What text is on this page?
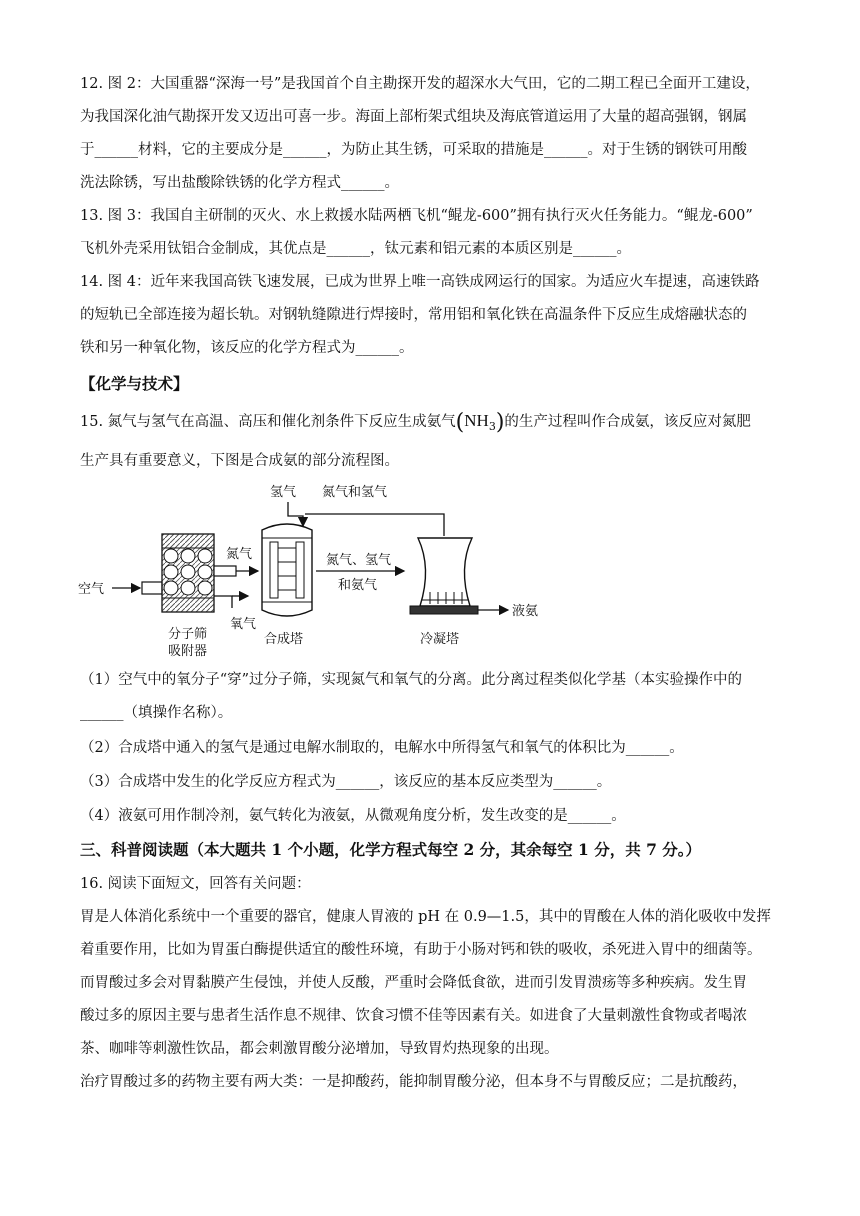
12. 图 2：大国重器“深海一号”是我国首个自主勘探开发的超深水大气田，它的二期工程已全面开工建设，
为我国深化油气勘探开发又迈出可喜一步。海面上部桁架式组块及海底管道运用了大量的超高强钢，钢属
于______材料，它的主要成分是______，为防止其生锈，可采取的措施是______。对于生锈的钢铁可用酸
洗法除锈，写出盐酸除铁锈的化学方程式______。
13. 图 3：我国自主研制的灭火、水上救援水陆两栖飞机“鲲龙-600”拥有执行灭火任务能力。“鲲龙-600”
飞机外壳采用钛铝合金制成，其优点是______，钛元素和铝元素的本质区别是______。
14. 图 4：近年来我国高铁飞速发展，已成为世界上唯一高铁成网运行的国家。为适应火车提速，高速铁路
的短轨已全部连接为超长轨。对钢轨缝隙进行焊接时，常用铝和氧化铁在高温条件下反应生成熔融状态的
铁和另一种氧化物，该反应的化学方程式为______。
【化学与技术】
15. 氮气与氢气在高温、高压和催化剂条件下反应生成氨气$(NH_3)$的生产过程叫作合成氨，该反应对氮肥
生产具有重要意义，下图是合成氨的部分流程图。
氢气 氮气和氢气
空气
氮气
氧气
分子筛
吸附器
合成塔
氮气、氢气
和氨气
冷凝塔
液氨
（1）空气中的氧分子“穿”过分子筛，实现氮气和氧气的分离。此分离过程类似化学基（本实验操作中的
______（填操作名称）。
（2）合成塔中通入的氢气是通过电解水制取的，电解水中所得氢气和氧气的体积比为______。
（3）合成塔中发生的化学反应方程式为______，该反应的基本反应类型为______。
（4）液氨可用作制冷剂，氨气转化为液氨，从微观角度分析，发生改变的是______。
三、科普阅读题（本大题共 1 个小题，化学方程式每空 2 分，其余每空 1 分，共 7 分。）
16. 阅读下面短文，回答有关问题：
胃是人体消化系统中一个重要的器官，健康人胃液的 pH 在 0.9—1.5，其中的胃酸在人体的消化吸收中发挥
着重要作用，比如为胃蛋白酶提供适宜的酸性环境，有助于小肠对钙和铁的吸收，杀死进入胃中的细菌等。
而胃酸过多会对胃黏膜产生侵蚀，并使人反酸，严重时会降低食欲，进而引发胃溃疡等多种疾病。发生胃
酸过多的原因主要与患者生活作息不规律、饮食习惯不佳等因素有关。如进食了大量刺激性食物或者喝浓
茶、咖啡等刺激性饮品，都会刺激胃酸分泌增加，导致胃灼热现象的出现。
治疗胃酸过多的药物主要有两大类：一是抑酸药，能抑制胃酸分泌，但本身不与胃酸反应；二是抗酸药，
